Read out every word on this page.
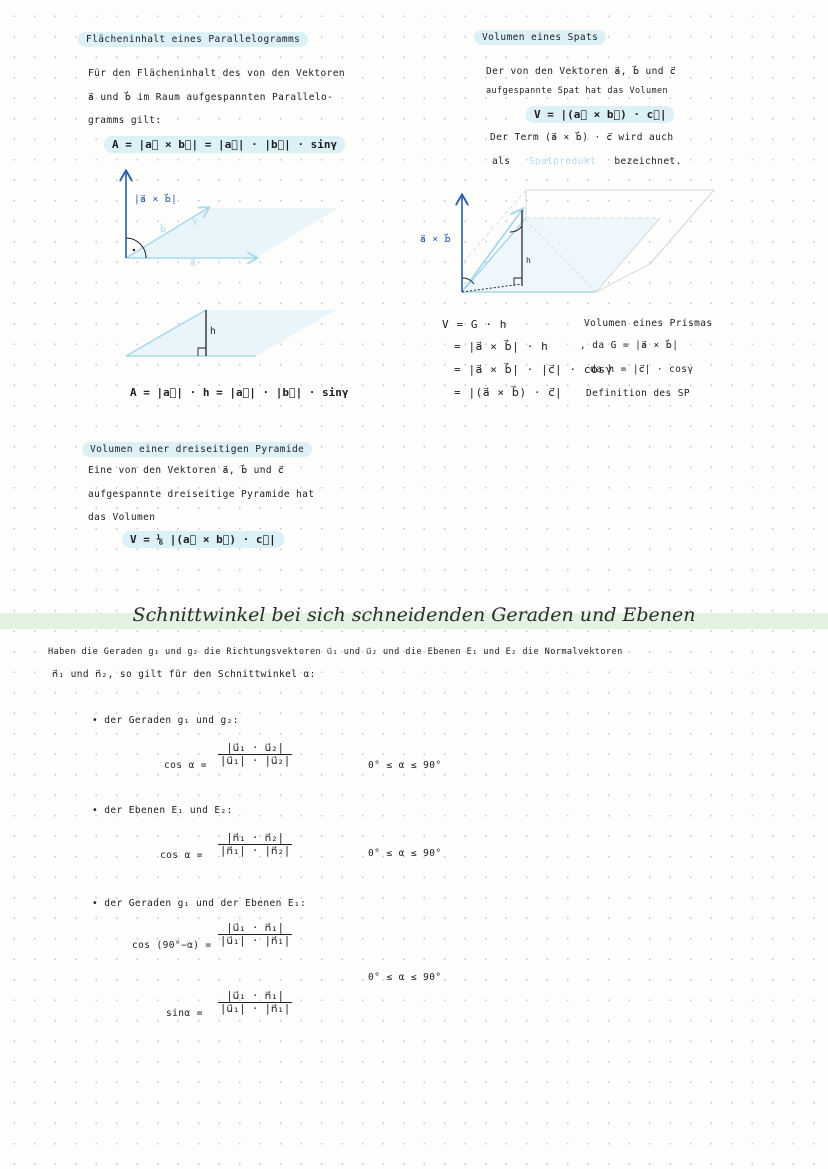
Flächeninhalt eines Parallelogramms
Für den Flächeninhalt des von den Vektoren
a⃗ und b⃗ im Raum aufgespannten Parallelo-
gramms gilt:
A = |a⃗ × b⃗| = |a⃗| · |b⃗| · sinγ
|a⃗ × b⃗|
γ
a⃗
b⃗
h
A = |a⃗| · h = |a⃗| · |b⃗| · sinγ
Volumen eines Spats
Der von den Vektoren a⃗, b⃗ und c⃗
aufgespannte Spat hat das Volumen
V = |(a⃗ × b⃗) · c⃗|
Der Term (a⃗ × b⃗) · c⃗ wird auch
als Spatprodukt bezeichnet.
a⃗ × b⃗
h
V = G · h
= |a⃗ × b⃗| · h
= |a⃗ × b⃗| · |c⃗| · cosγ
= |(a⃗ × b⃗) · c⃗|
Volumen eines Prismas
, da G = |a⃗ × b⃗|
da h = |c⃗| · cosγ
Definition des SP
Volumen einer dreiseitigen Pyramide
Eine von den Vektoren a⃗, b⃗ und c⃗
aufgespannte dreiseitige Pyramide hat
das Volumen
V = ⅙ |(a⃗ × b⃗) · c⃗|
Schnittwinkel bei sich schneidenden Geraden und Ebenen
Haben die Geraden g₁ und g₂ die Richtungsvektoren u⃗₁ und u⃗₂ und die Ebenen E₁ und E₂ die Normalvektoren
n⃗₁ und n⃗₂, so gilt für den Schnittwinkel α:
• der Geraden g₁ und g₂:
$\cos \alpha = \frac{\text{|u⃗₁ · u⃗₂|}}{\text{|u⃗₁| · |u⃗₂|}}$	0° ≤ α ≤ 90°
• der Ebenen E₁ und E₂:
$\cos \alpha = \frac{\text{|n⃗₁ · n⃗₂|}}{\text{|n⃗₁| · |n⃗₂|}}$	0° ≤ α ≤ 90°
• der Geraden g₁ und der Ebenen E₁:
$\cos (90^\circ-\alpha) = \frac{\text{|u⃗₁ · n⃗₁|}}{\text{|u⃗₁| · |n⃗₁|}}$
0° ≤ α ≤ 90°
$\sin\alpha = \frac{\text{|u⃗₁ · n⃗₁|}}{\text{|u⃗₁| · |n⃗₁|}}$
